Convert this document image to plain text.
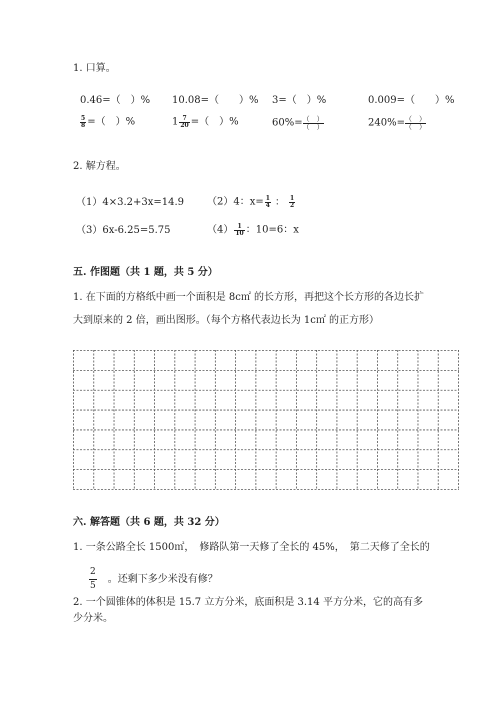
1. 口算。
0.46=（　）% 10.08=（　　）% 3=（　）%	0.009=（　　）%
$\frac{5}{8}$ =（　）%	$1 \frac{7}{20}$ =（　）%	$60\%=\frac{( )}{( )}$	$240\%=\frac{( )}{( )}$
2. 解方程。
（1）4×3.2+3x=14.9 （2）4：$x= \frac{1}{4}$ ： $\frac{1}{2}$
（3）6x-6.25=5.75	$(4) \frac{1}{10}$ ：10=6：x
五. 作图题（共 1 题，共 5 分）
1. 在下面的方格纸中画一个面积是 8c㎡ 的长方形，再把这个长方形的各边长扩
大到原来的 2 倍，画出图形。（每个方格代表边长为 1c㎡ 的正方形）
六. 解答题（共 6 题，共 32 分）
1. 一条公路全长 1500㎡，　修路队第一天修了全长的 45%，　第二天修了全长的
$\frac{2}{5}$ 。还剩下多少米没有修？
2. 一个圆锥体的体积是 15.7 立方分米，底面积是 3.14 平方分米，它的高有多
少分米。
